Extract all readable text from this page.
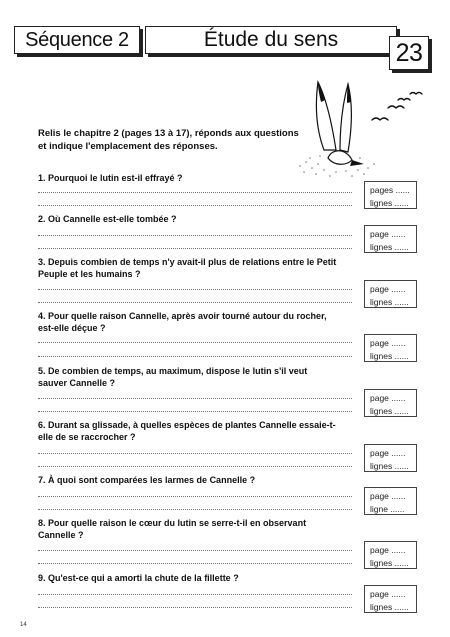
Séquence 2	Étude du sens 23
Relis le chapitre 2 (pages 13 à 17), réponds aux questions et indique l'emplacement des réponses.
1. Pourquoi le lutin est-il effrayé ?
pages ......
lignes ......
2. Où Cannelle est-elle tombée ?
page ......
lignes ......
3. Depuis combien de temps n'y avait-il plus de relations entre le Petit Peuple et les humains ?
page ......
lignes ......
4. Pour quelle raison Cannelle, après avoir tourné autour du rocher, est-elle déçue ?
page ......
lignes ......
5. De combien de temps, au maximum, dispose le lutin s'il veut sauver Cannelle ?
page ......
lignes ......
6. Durant sa glissade, à quelles espèces de plantes Cannelle essaie-t-elle de se raccrocher ?
page ......
lignes ......
7. À quoi sont comparées les larmes de Cannelle ?
page ......
ligne ......
8. Pour quelle raison le cœur du lutin se serre-t-il en observant Cannelle ?
page ......
lignes ......
9. Qu'est-ce qui a amorti la chute de la fillette ?
page ......
lignes ......
14
